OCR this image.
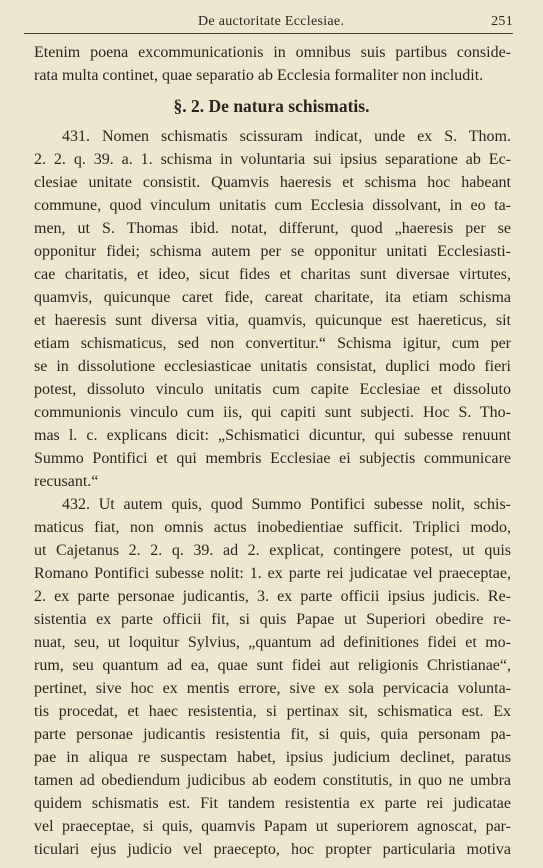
De auctoritate Ecclesiae.	251
Etenim poena excommunicationis in omnibus suis partibus conside-
rata multa continet, quae separatio ab Ecclesia formaliter non includit.
§. 2. De natura schismatis.
431. Nomen schismatis scissuram indicat, unde ex S. Thom.
2. 2. q. 39. a. 1. schisma in voluntaria sui ipsius separatione ab Ec-
clesiae unitate consistit. Quamvis haeresis et schisma hoc habeant
commune, quod vinculum unitatis cum Ecclesia dissolvant, in eo ta-
men, ut S. Thomas ibid. notat, differunt, quod „haeresis per se
opponitur fidei; schisma autem per se opponitur unitati Ecclesiasti-
cae charitatis, et ideo, sicut fides et charitas sunt diversae virtutes,
quamvis, quicunque caret fide, careat charitate, ita etiam schisma
et haeresis sunt diversa vitia, quamvis, quicunque est haereticus, sit
etiam schismaticus, sed non convertitur.“ Schisma igitur, cum per
se in dissolutione ecclesiasticae unitatis consistat, duplici modo fieri
potest, dissoluto vinculo unitatis cum capite Ecclesiae et dissoluto
communionis vinculo cum iis, qui capiti sunt subjecti. Hoc S. Tho-
mas l. c. explicans dicit: „Schismatici dicuntur, qui subesse renuunt
Summo Pontifici et qui membris Ecclesiae ei subjectis communicare
recusant.“
432. Ut autem quis, quod Summo Pontifici subesse nolit, schis-
maticus fiat, non omnis actus inobedientiae sufficit. Triplici modo,
ut Cajetanus 2. 2. q. 39. ad 2. explicat, contingere potest, ut quis
Romano Pontifici subesse nolit: 1. ex parte rei judicatae vel praeceptae,
2. ex parte personae judicantis, 3. ex parte officii ipsius judicis. Re-
sistentia ex parte officii fit, si quis Papae ut Superiori obedire re-
nuat, seu, ut loquitur Sylvius, „quantum ad definitiones fidei et mo-
rum, seu quantum ad ea, quae sunt fidei aut religionis Christianae“,
pertinet, sive hoc ex mentis errore, sive ex sola pervicacia volunta-
tis procedat, et haec resistentia, si pertinax sit, schismatica est. Ex
parte personae judicantis resistentia fit, si quis, quia personam pa-
pae in aliqua re suspectam habet, ipsius judicium declinet, paratus
tamen ad obediendum judicibus ab eodem constitutis, in quo ne umbra
quidem schismatis est. Fit tandem resistentia ex parte rei judicatae
vel praeceptae, si quis, quamvis Papam ut superiorem agnoscat, par-
ticulari ejus judicio vel praecepto, hoc propter particularia motiva
